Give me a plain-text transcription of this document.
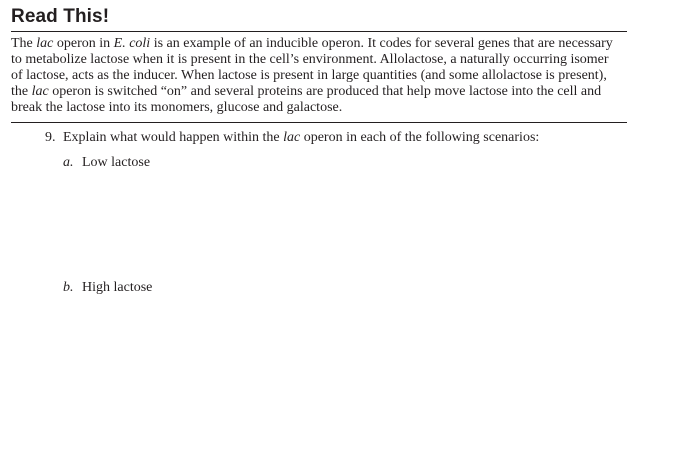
Read This!
The lac operon in E. coli is an example of an inducible operon. It codes for several genes that are necessary
to metabolize lactose when it is present in the cell’s environment. Allolactose, a naturally occurring isomer
of lactose, acts as the inducer. When lactose is present in large quantities (and some allolactose is present),
the lac operon is switched “on” and several proteins are produced that help move lactose into the cell and
break the lactose into its monomers, glucose and galactose.
9. Explain what would happen within the lac operon in each of the following scenarios:
a. Low lactose
b. High lactose
